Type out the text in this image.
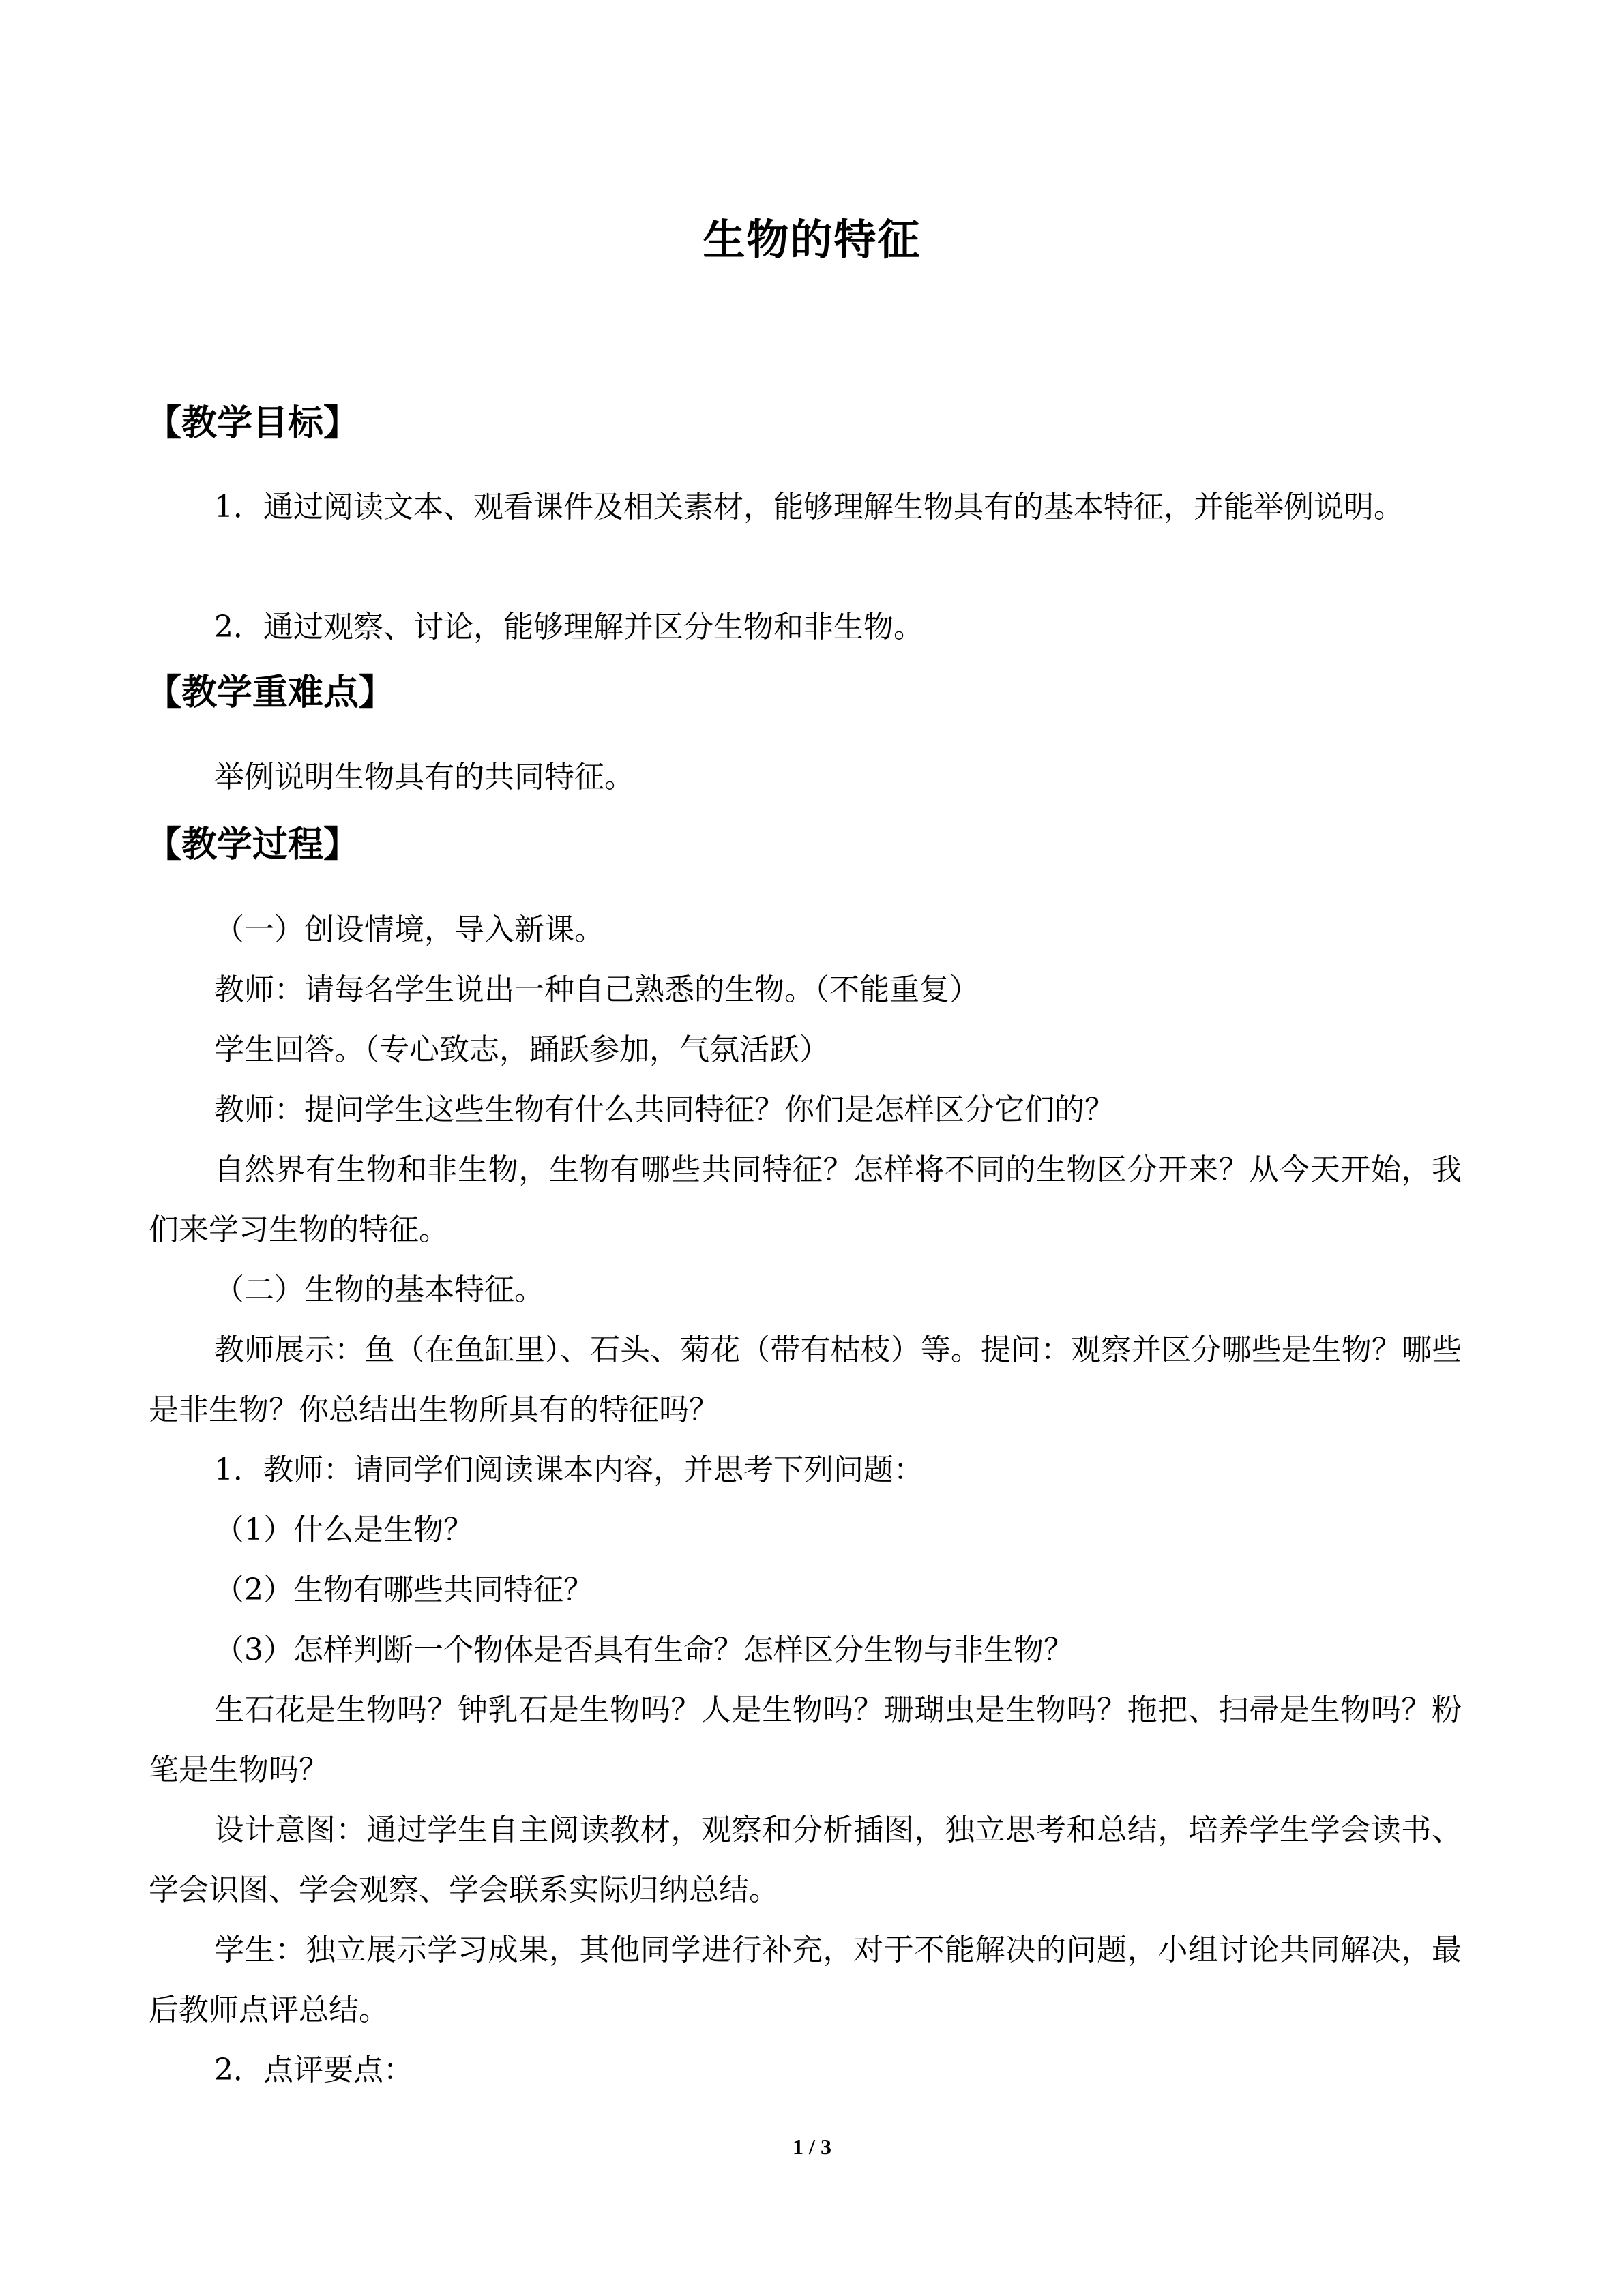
生物的特征
【教学目标】

1．通过阅读文本、观看课件及相关素材，能够理解生物具有的基本特征，并能举例说明。

2．通过观察、讨论，能够理解并区分生物和非生物。
【教学重难点】
举例说明生物具有的共同特征。
【教学过程】
（一）创设情境，导入新课。
教师：请每名学生说出一种自己熟悉的生物。（不能重复）
学生回答。（专心致志，踊跃参加，气氛活跃）
教师：提问学生这些生物有什么共同特征？你们是怎样区分它们的？

自然界有生物和非生物，生物有哪些共同特征？怎样将不同的生物区分开来？从今天开始，我们来学习生物的特征。

（二）生物的基本特征。

教师展示：鱼（在鱼缸里）、石头、菊花（带有枯枝）等。提问：观察并区分哪些是生物？哪些是非生物？你总结出生物所具有的特征吗？

1．教师：请同学们阅读课本内容，并思考下列问题：
（1）什么是生物？
（2）生物有哪些共同特征？
（3）怎样判断一个物体是否具有生命？怎样区分生物与非生物？

生石花是生物吗？钟乳石是生物吗？人是生物吗？珊瑚虫是生物吗？拖把、扫帚是生物吗？粉笔是生物吗？

设计意图：通过学生自主阅读教材，观察和分析插图，独立思考和总结，培养学生学会读书、学会识图、学会观察、学会联系实际归纳总结。

学生：独立展示学习成果，其他同学进行补充，对于不能解决的问题，小组讨论共同解决，最后教师点评总结。

2．点评要点：
1 / 3
